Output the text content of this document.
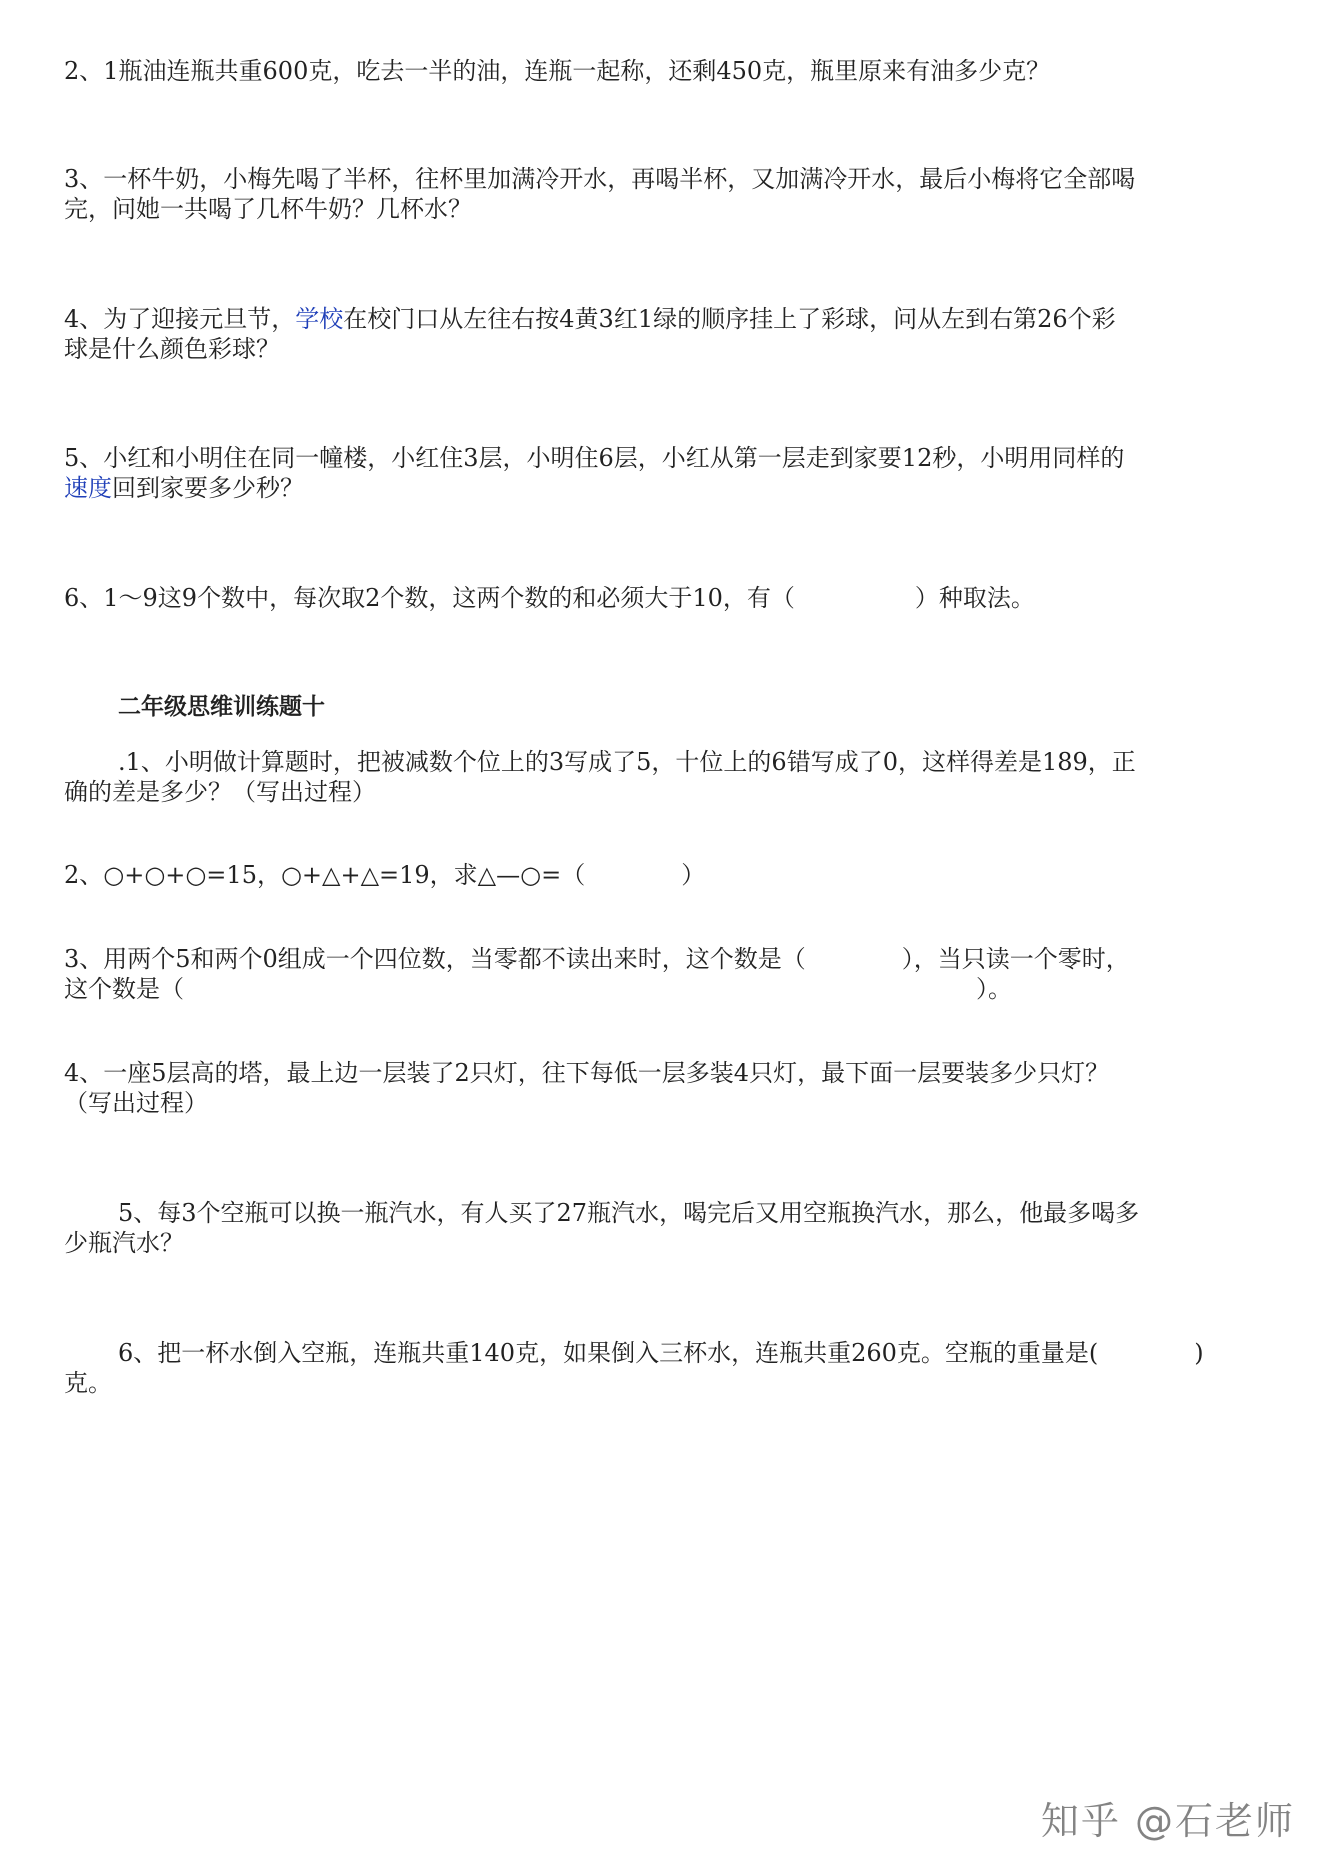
2、1瓶油连瓶共重600克，吃去一半的油，连瓶一起称，还剩450克，瓶里原来有油多少克？
3、一杯牛奶，小梅先喝了半杯，往杯里加满冷开水，再喝半杯，又加满冷开水，最后小梅将它全部喝
完，问她一共喝了几杯牛奶？几杯水？
4、为了迎接元旦节，学校在校门口从左往右按4黄3红1绿的顺序挂上了彩球，问从左到右第26个彩
球是什么颜色彩球？
5、小红和小明住在同一幢楼，小红住3层，小明住6层，小红从第一层走到家要12秒，小明用同样的
速度回到家要多少秒？
6、1～9这9个数中，每次取2个数，这两个数的和必须大于10，有（　　　　　）种取法。
二年级思维训练题十
.1、小明做计算题时，把被减数个位上的3写成了5，十位上的6错写成了0，这样得差是189，正
确的差是多少？（写出过程）
2、○+○+○=15，○+△+△=19，求△—○=（　　　　）
3、用两个5和两个0组成一个四位数，当零都不读出来时，这个数是（　　　　），当只读一个零时，
这个数是（　　　　　　　　　　　　　　　　　　　　　　　　　　　　　　　　　）。
4、一座5层高的塔，最上边一层装了2只灯，往下每低一层多装4只灯，最下面一层要装多少只灯？
（写出过程）
5、每3个空瓶可以换一瓶汽水，有人买了27瓶汽水，喝完后又用空瓶换汽水，那么，他最多喝多
少瓶汽水？
6、把一杯水倒入空瓶，连瓶共重140克，如果倒入三杯水，连瓶共重260克。空瓶的重量是(　　　　)
克。
知乎 @石老师
